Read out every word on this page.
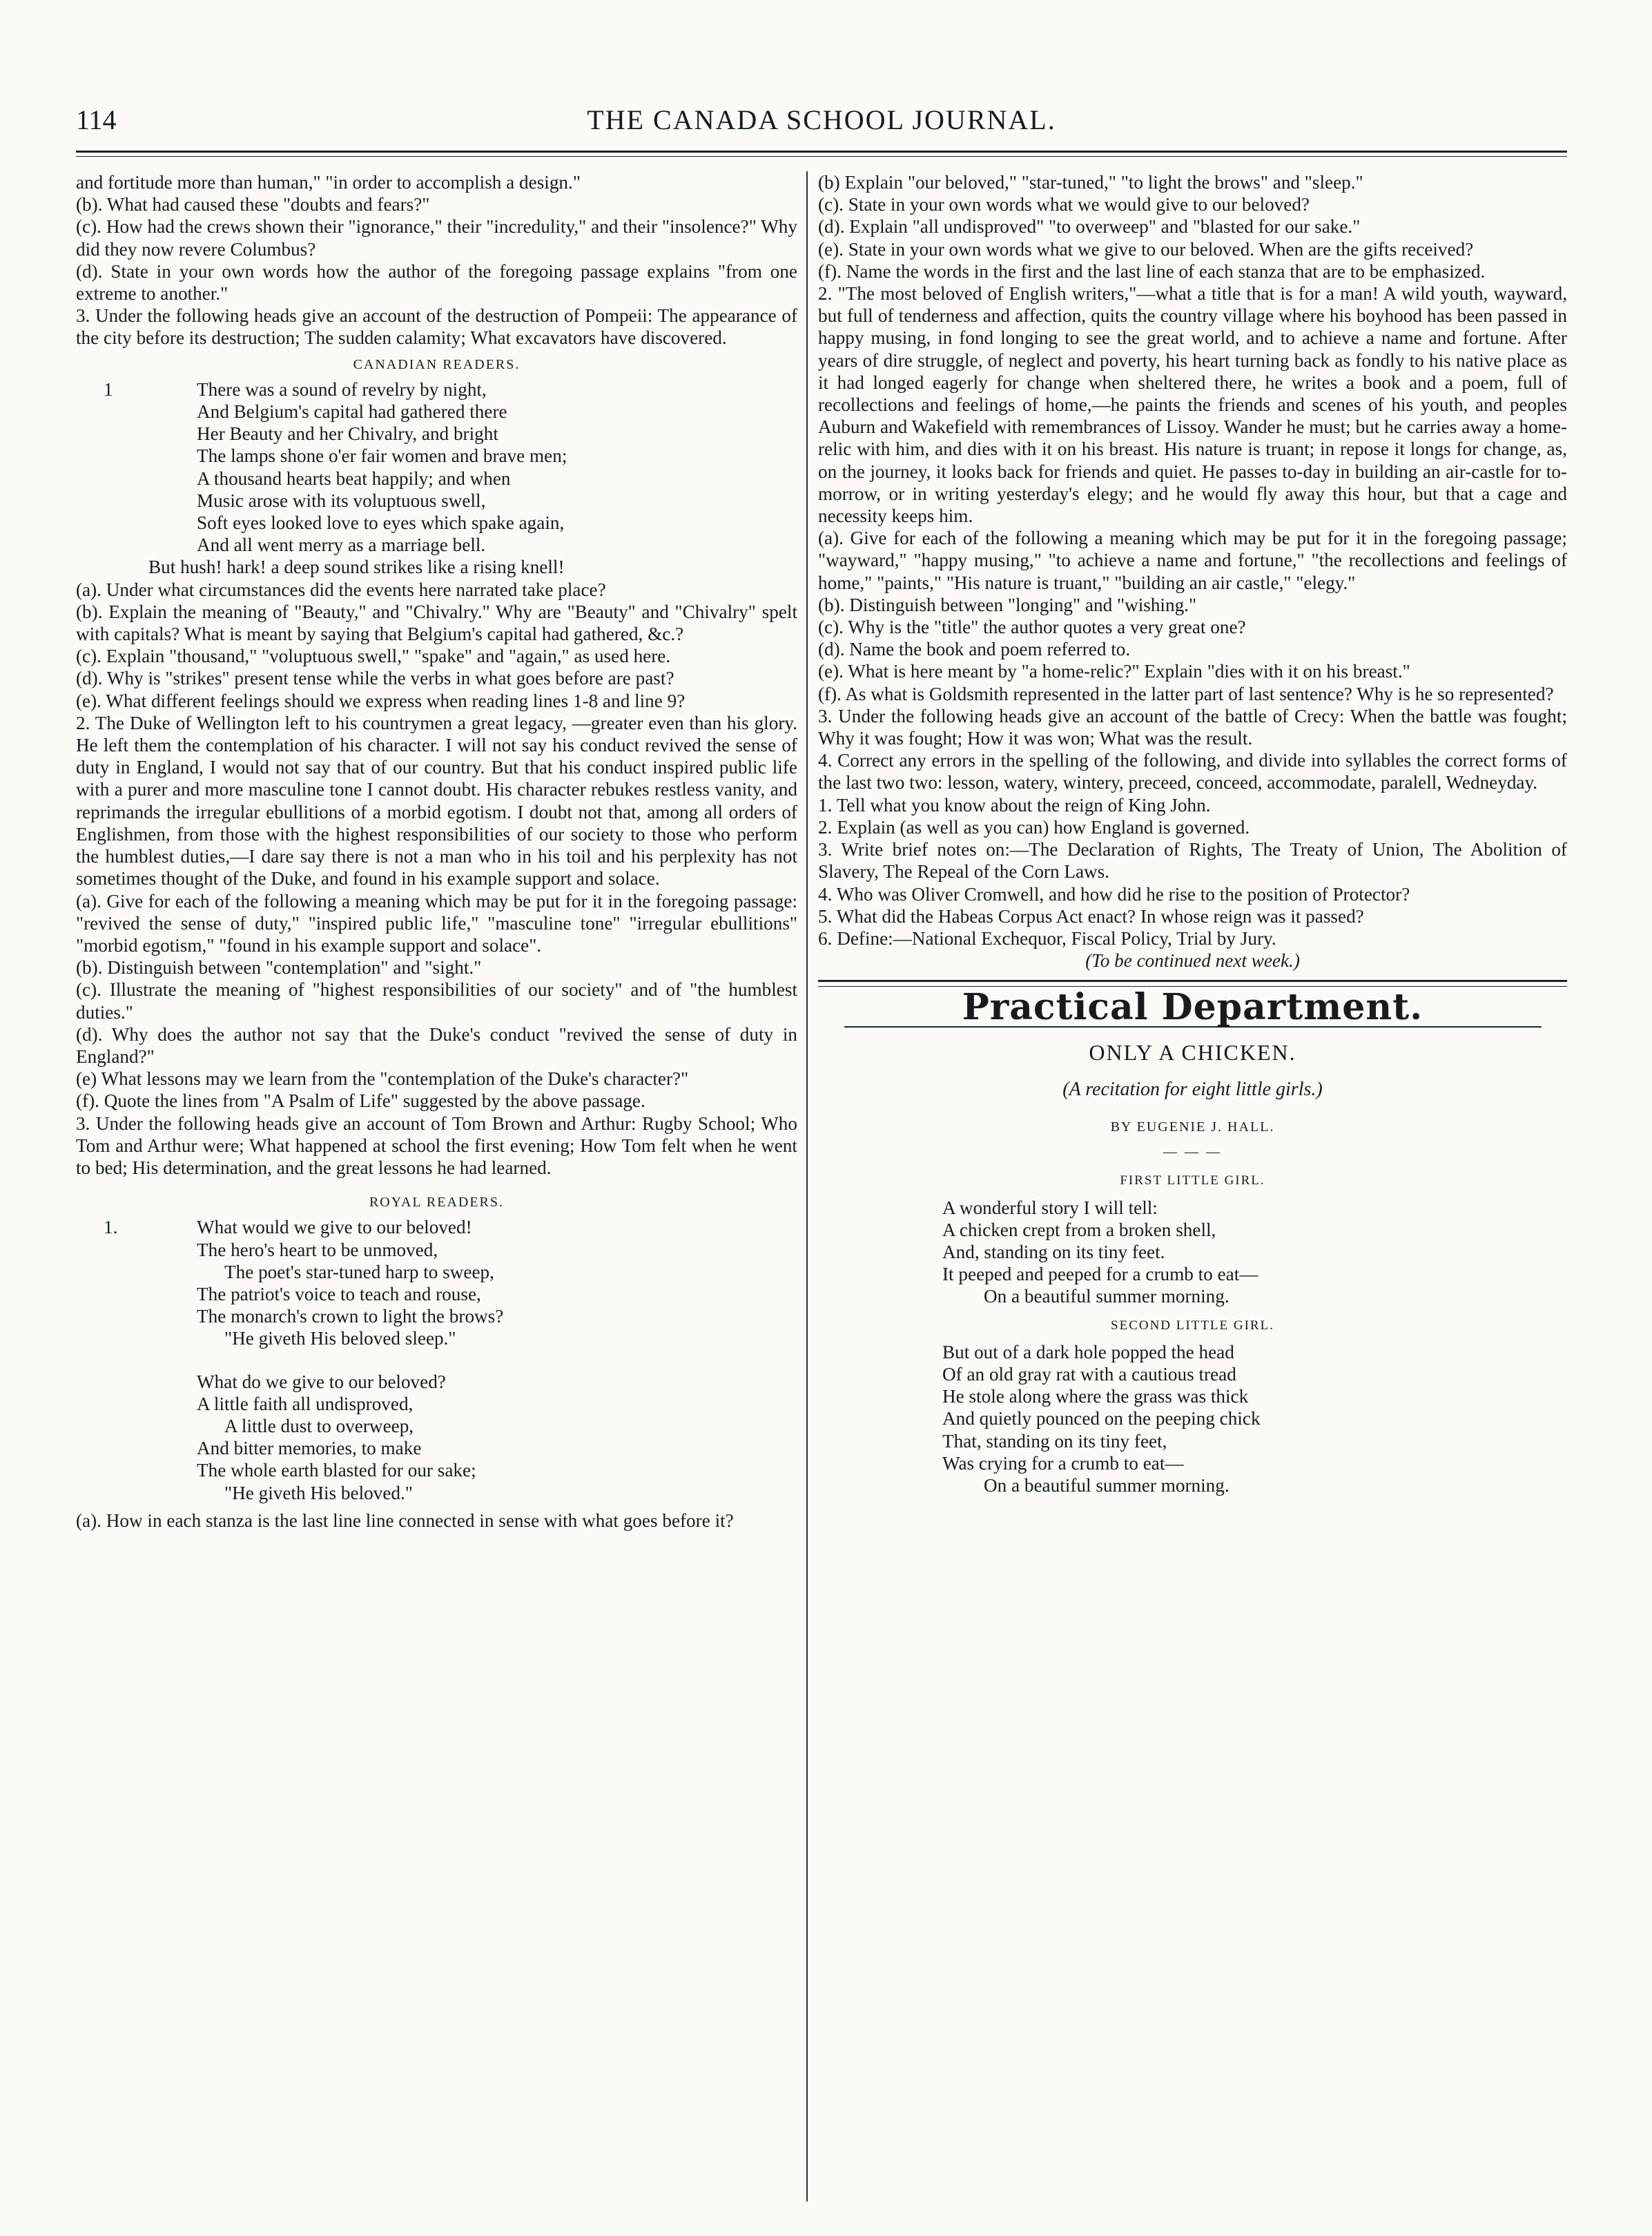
114	THE CANADA SCHOOL JOURNAL.

and fortitude more than human," "in order to accomplish a design."

(b). What had caused these "doubts and fears?"

(c). How had the crews shown their "ignorance," their "incredulity," and their "insolence?" Why did they now revere Columbus?

(d). State in your own words how the author of the foregoing passage explains "from one extreme to another."

3. Under the following heads give an account of the destruction of Pompeii: The appearance of the city before its destruction; The sudden calamity; What excavators have discovered.

CANADIAN READERS.
1	There was a sound of revelry by night,
And Belgium's capital had gathered there
Her Beauty and her Chivalry, and bright
The lamps shone o'er fair women and brave men;
A thousand hearts beat happily; and when
Music arose with its voluptuous swell,
Soft eyes looked love to eyes which spake again,
And all went merry as a marriage bell.

But hush! hark! a deep sound strikes like a rising knell!

(a). Under what circumstances did the events here narrated take place?

(b). Explain the meaning of "Beauty," and "Chivalry." Why are "Beauty" and "Chivalry" spelt with capitals? What is meant by saying that Belgium's capital had gathered, &c.?

(c). Explain "thousand," "voluptuous swell," "spake" and "again," as used here.

(d). Why is "strikes" present tense while the verbs in what goes before are past?

(e). What different feelings should we express when reading lines 1-8 and line 9?

2. The Duke of Wellington left to his countrymen a great legacy, —greater even than his glory. He left them the contemplation of his character. I will not say his conduct revived the sense of duty in England, I would not say that of our country. But that his conduct inspired public life with a purer and more masculine tone I cannot doubt. His character rebukes restless vanity, and reprimands the irregular ebullitions of a morbid egotism. I doubt not that, among all orders of Englishmen, from those with the highest responsibilities of our society to those who perform the humblest duties,—I dare say there is not a man who in his toil and his perplexity has not sometimes thought of the Duke, and found in his example support and solace.

(a). Give for each of the following a meaning which may be put for it in the foregoing passage: "revived the sense of duty," "inspired public life," "masculine tone" "irregular ebullitions" "morbid egotism," "found in his example support and solace".

(b). Distinguish between "contemplation" and "sight."

(c). Illustrate the meaning of "highest responsibilities of our society" and of "the humblest duties."

(d). Why does the author not say that the Duke's conduct "revived the sense of duty in England?"

(e) What lessons may we learn from the "contemplation of the Duke's character?"

(f). Quote the lines from "A Psalm of Life" suggested by the above passage.

3. Under the following heads give an account of Tom Brown and Arthur: Rugby School; Who Tom and Arthur were; What happened at school the first evening; How Tom felt when he went to bed; His determination, and the great lessons he had learned.

ROYAL READERS.
1.	What would we give to our beloved!
The hero's heart to be unmoved,
The poet's star-tuned harp to sweep,
The patriot's voice to teach and rouse,
The monarch's crown to light the brows?
"He giveth His beloved sleep."
What do we give to our beloved?
A little faith all undisproved,
A little dust to overweep,
And bitter memories, to make
The whole earth blasted for our sake;
"He giveth His beloved."

(a). How in each stanza is the last line line connected in sense with what goes before it?

(b) Explain "our beloved," "star-tuned," "to light the brows" and "sleep."

(c). State in your own words what we would give to our beloved?

(d). Explain "all undisproved" "to overweep" and "blasted for our sake."

(e). State in your own words what we give to our beloved. When are the gifts received?

(f). Name the words in the first and the last line of each stanza that are to be emphasized.

2. "The most beloved of English writers,"—what a title that is for a man! A wild youth, wayward, but full of tenderness and affection, quits the country village where his boyhood has been passed in happy musing, in fond longing to see the great world, and to achieve a name and fortune. After years of dire struggle, of neglect and poverty, his heart turning back as fondly to his native place as it had longed eagerly for change when sheltered there, he writes a book and a poem, full of recollections and feelings of home,—he paints the friends and scenes of his youth, and peoples Auburn and Wakefield with remembrances of Lissoy. Wander he must; but he carries away a home-relic with him, and dies with it on his breast. His nature is truant; in repose it longs for change, as, on the journey, it looks back for friends and quiet. He passes to-day in building an air-castle for to-morrow, or in writing yesterday's elegy; and he would fly away this hour, but that a cage and necessity keeps him.

(a). Give for each of the following a meaning which may be put for it in the foregoing passage; "wayward," "happy musing," "to achieve a name and fortune," "the recollections and feelings of home," "paints," "His nature is truant," "building an air castle," "elegy."

(b). Distinguish between "longing" and "wishing."

(c). Why is the "title" the author quotes a very great one?

(d). Name the book and poem referred to.

(e). What is here meant by "a home-relic?" Explain "dies with it on his breast."

(f). As what is Goldsmith represented in the latter part of last sentence? Why is he so represented?

3. Under the following heads give an account of the battle of Crecy: When the battle was fought; Why it was fought; How it was won; What was the result.

4. Correct any errors in the spelling of the following, and divide into syllables the correct forms of the last two two: lesson, watery, wintery, preceed, conceed, accommodate, paralell, Wedneyday.

1. Tell what you know about the reign of King John.

2. Explain (as well as you can) how England is governed.

3. Write brief notes on:—The Declaration of Rights, The Treaty of Union, The Abolition of Slavery, The Repeal of the Corn Laws.

4. Who was Oliver Cromwell, and how did he rise to the position of Protector?

5. What did the Habeas Corpus Act enact? In whose reign was it passed?

6. Define:—National Exchequor, Fiscal Policy, Trial by Jury.

(To be continued next week.)

Practical Department.
ONLY A CHICKEN.
(A recitation for eight little girls.)
BY EUGENIE J. HALL.
— — —
FIRST LITTLE GIRL.
A wonderful story I will tell:
A chicken crept from a broken shell,
And, standing on its tiny feet.
It peeped and peeped for a crumb to eat—
On a beautiful summer morning.
SECOND LITTLE GIRL.
But out of a dark hole popped the head
Of an old gray rat with a cautious tread
He stole along where the grass was thick
And quietly pounced on the peeping chick
That, standing on its tiny feet,
Was crying for a crumb to eat—
On a beautiful summer morning.
